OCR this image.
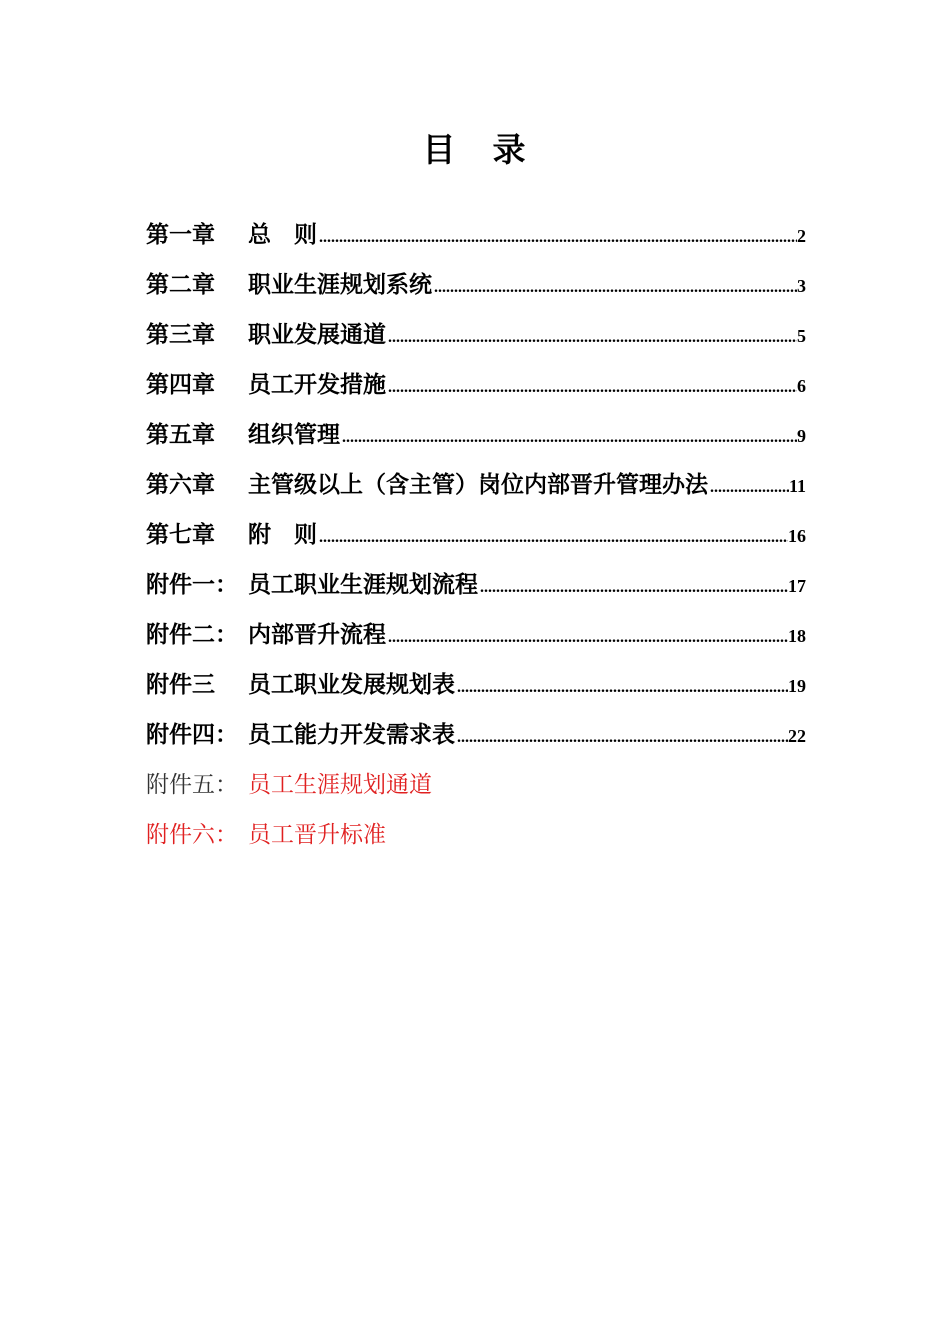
目　录
第一章	总　则 .....	2
第二章	职业生涯规划系统 .....	3
第三章	职业发展通道 .....	5
第四章	员工开发措施 .....	6
第五章	组织管理 .....	9
第六章	主管级以上（含主管）岗位内部晋升管理办法 .....	11
第七章	附　则 .....	16
附件一： 员工职业生涯规划流程 .....	17
附件二： 内部晋升流程 .....	18
附件三	员工职业发展规划表 .....	19
附件四： 员工能力开发需求表 .....	22
附件五： 员工生涯规划通道
附件六： 员工晋升标准
